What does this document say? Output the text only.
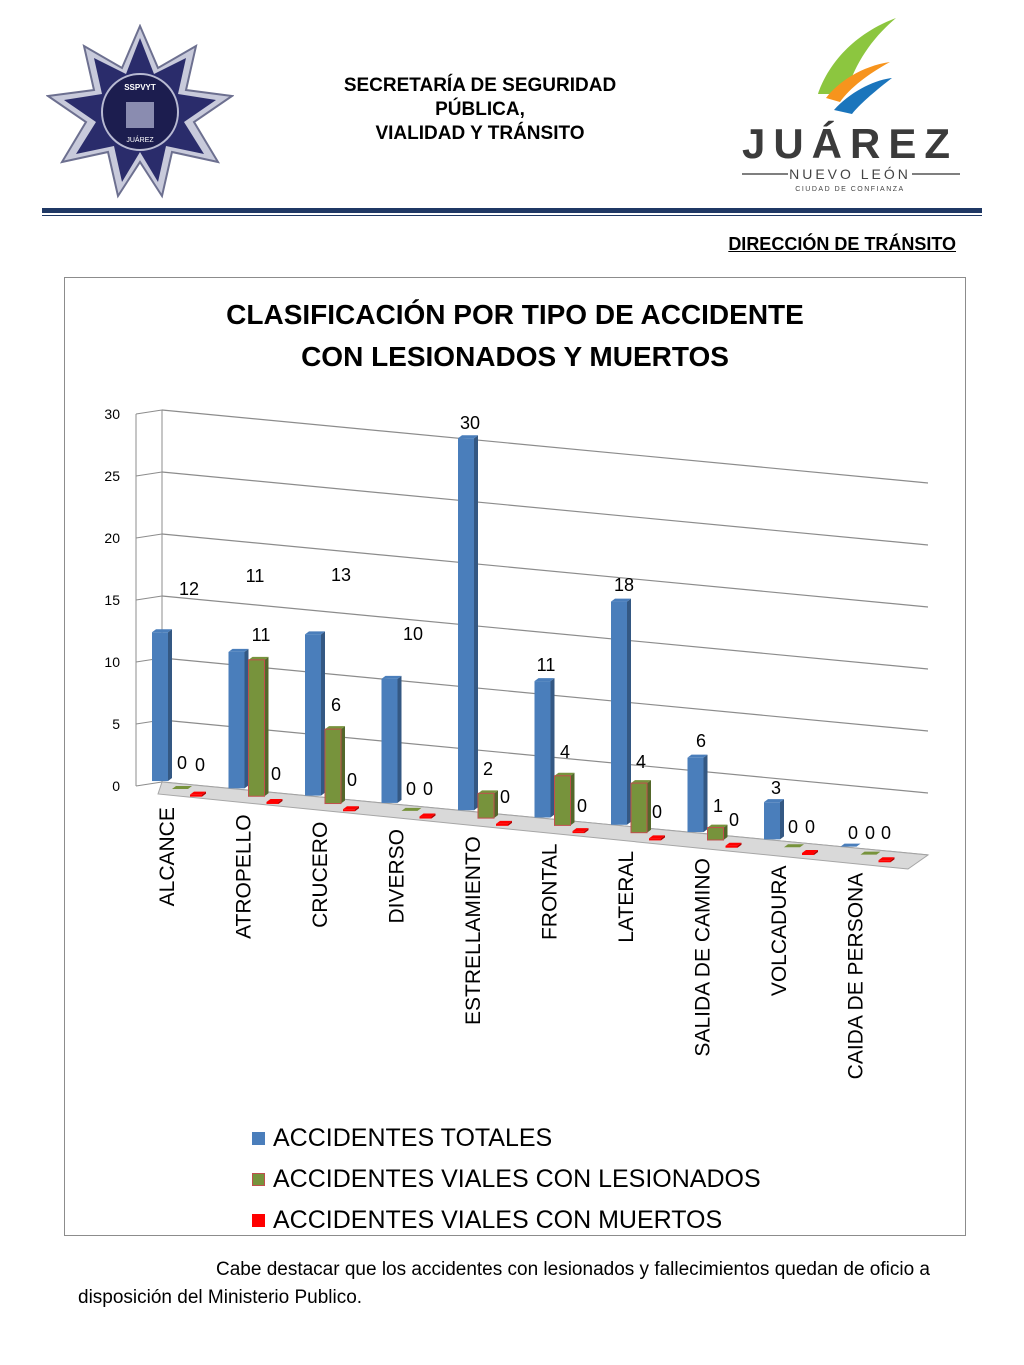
SSPVYT
JUÁREZ
SECRETARÍA DE SEGURIDAD
PÚBLICA,
VIALIDAD Y TRÁNSITO	JUÁREZ
NUEVO LEÓN
CIUDAD DE CONFIANZA
DIRECCIÓN DE TRÁNSITO
CLASIFICACIÓN POR TIPO DE ACCIDENTE
CON LESIONADOS Y MUERTOS
30
25
20
15
10
5
0
12
0 0
11
11
0
13
6
0
10
0 0
30
2
0
11
4
0
18
4
0
6
1
0
3
0 0 0 0 0
ALCANCE	ATROPELLO	CRUCERO	DIVERSO	ESTRELLAMIENTO	FRONTAL	LATERAL	SALIDA DE CAMINO	VOLCADURA	CAIDA DE PERSONA
ACCIDENTES TOTALES
ACCIDENTES VIALES CON LESIONADOS
ACCIDENTES VIALES CON MUERTOS
Cabe destacar que los accidentes con lesionados y fallecimientos quedan de oficio a disposición del Ministerio Publico.
